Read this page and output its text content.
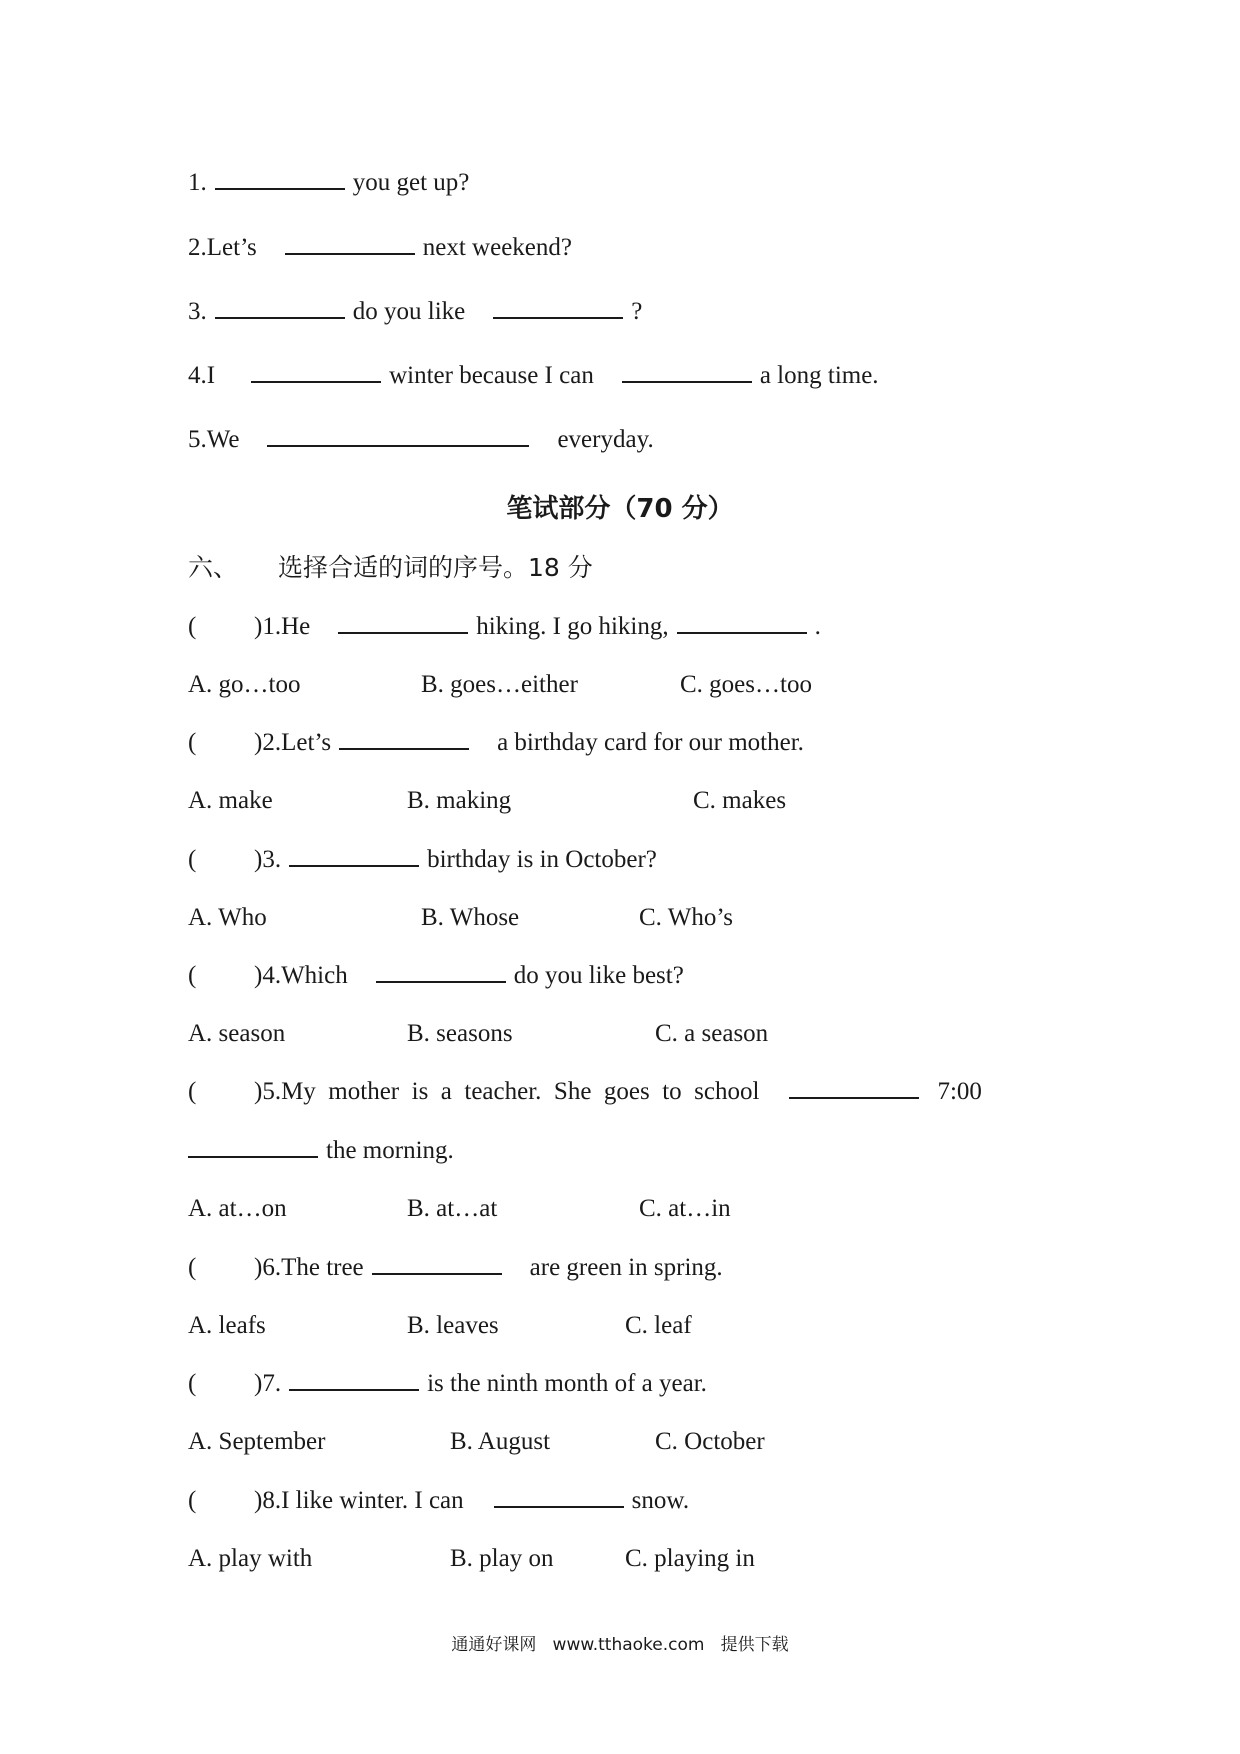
1.	you get up?
2.Let’s	next weekend?
3.	do you like	?
4.I	winter because I can	a long time.
5.We	everyday.
笔试部分（70 分）
六、 选择合适的词的序号。18 分
( )1.He	hiking. I go hiking,	.
A. go…too	B. goes…either	C. goes…too
( )2.Let’s	a birthday card for our mother.
A. make	B. making	C. makes
( )3.	birthday is in October?
A. Who	B. Whose	C. Who’s
( )4.Which	do you like best?
A. season	B. seasons	C. a season
( )5.My  mother  is  a  teacher.  She  goes  to  school	7:00
the morning.
A. at…on	B. at…at	C. at…in
( )6.The tree	are green in spring.
A. leafs	B. leaves	C. leaf
( )7.	is the ninth month of a year.
A. September	B. August	C. October
( )8.I like winter. I can	snow.
A. play with	B. play on	C. playing in
通通好课网   www.tthaoke.com   提供下载
